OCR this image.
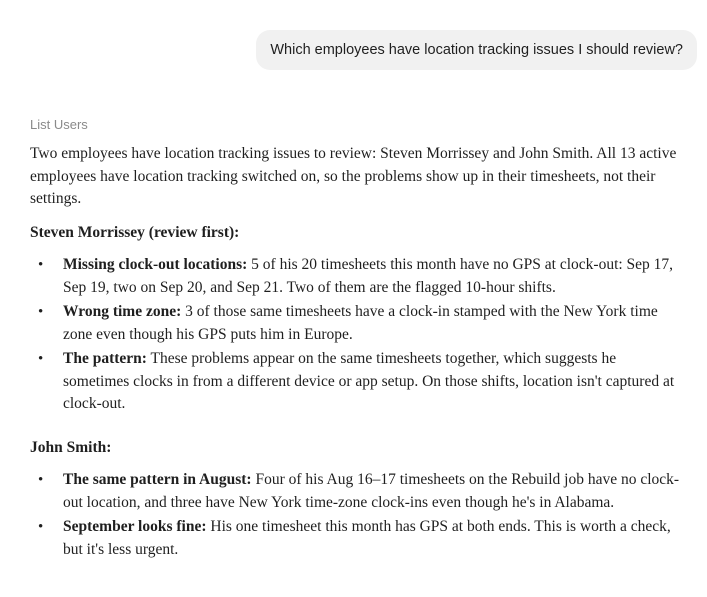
Which employees have location tracking issues I should review?
List Users

Two employees have location tracking issues to review: Steven Morrissey and John Smith. All 13 active employees have location tracking switched on, so the problems show up in their timesheets, not their settings.

Steven Morrissey (review first):

• Missing clock-out locations: 5 of his 20 timesheets this month have no GPS at clock-out: Sep 17, Sep 19, two on Sep 20, and Sep 21. Two of them are the flagged 10-hour shifts.
• Wrong time zone: 3 of those same timesheets have a clock-in stamped with the New York time zone even though his GPS puts him in Europe.
• The pattern: These problems appear on the same timesheets together, which suggests he sometimes clocks in from a different device or app setup. On those shifts, location isn't captured at clock-out.

John Smith:

• The same pattern in August: Four of his Aug 16–17 timesheets on the Rebuild job have no clock-out location, and three have New York time-zone clock-ins even though he's in Alabama.
• September looks fine: His one timesheet this month has GPS at both ends. This is worth a check, but it's less urgent.
